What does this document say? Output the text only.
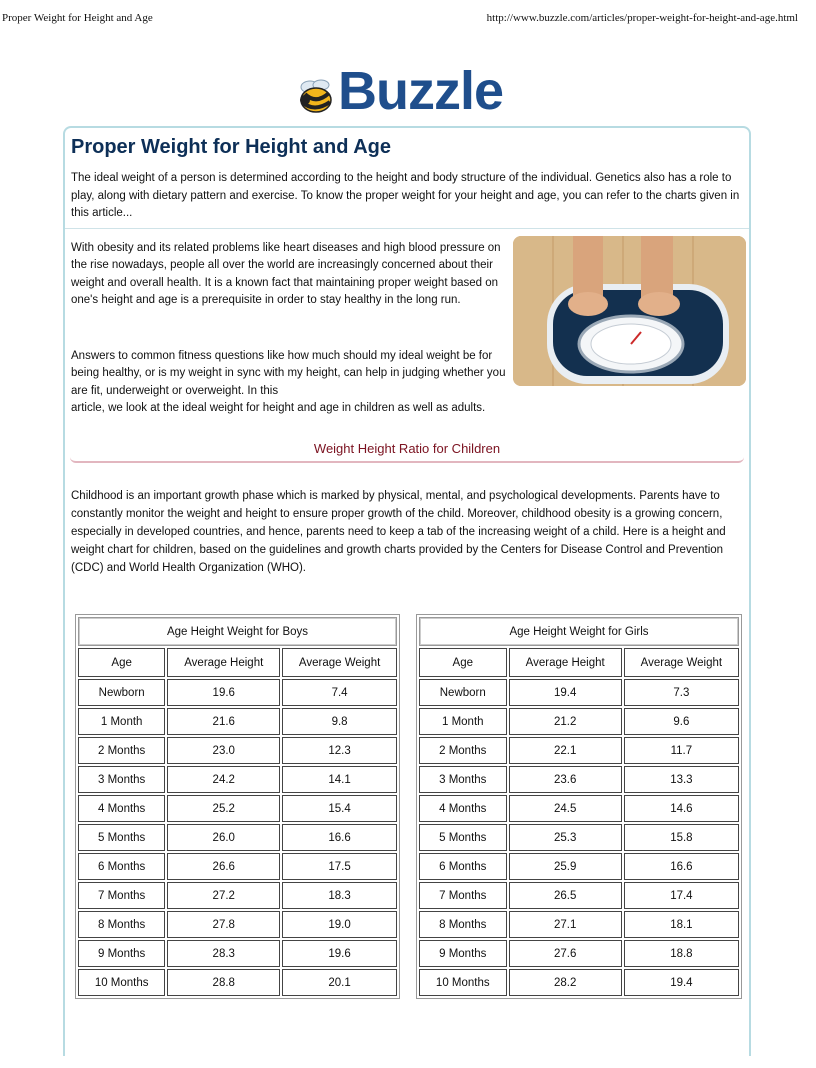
Proper Weight for Height and Age	http://www.buzzle.com/articles/proper-weight-for-height-and-age.html
Buzzle
Proper Weight for Height and Age

The ideal weight of a person is determined according to the height and body structure of the individual. Genetics also has a role to play, along with dietary pattern and exercise. To know the proper weight for your height and age, you can refer to the charts given in this article...

With obesity and its related problems like heart diseases and high blood pressure on the rise nowadays, people all over the world are increasingly concerned about their weight and overall health. It is a known fact that maintaining proper weight based on one's height and age is a prerequisite in order to stay healthy in the long run.

Answers to common fitness questions like how much should my ideal weight be for being healthy, or is my weight in sync with my height, can help in judging whether you are fit, underweight or overweight. In this
article, we look at the ideal weight for height and age in children as well as adults.

Weight Height Ratio for Children

Childhood is an important growth phase which is marked by physical, mental, and psychological developments. Parents have to constantly monitor the weight and height to ensure proper growth of the child. Moreover, childhood obesity is a growing concern, especially in developed countries, and hence, parents need to keep a tab of the increasing weight of a child. Here is a height and weight chart for children, based on the guidelines and growth charts provided by the Centers for Disease Control and Prevention (CDC) and World Health Organization (WHO).

Age Height Weight for Boys		
Age	Average Height	Average Weight
Newborn	19.6	7.4
1 Month	21.6	9.8
2 Months	23.0	12.3
3 Months	24.2	14.1
4 Months	25.2	15.4
5 Months	26.0	16.6
6 Months	26.6	17.5
7 Months	27.2	18.3
8 Months	27.8	19.0
9 Months	28.3	19.6
10 Months	28.8	20.1
Age Height Weight for Girls		
Age	Average Height	Average Weight
Newborn	19.4	7.3
1 Month	21.2	9.6
2 Months	22.1	11.7
3 Months	23.6	13.3
4 Months	24.5	14.6
5 Months	25.3	15.8
6 Months	25.9	16.6
7 Months	26.5	17.4
8 Months	27.1	18.1
9 Months	27.6	18.8
10 Months	28.2	19.4
